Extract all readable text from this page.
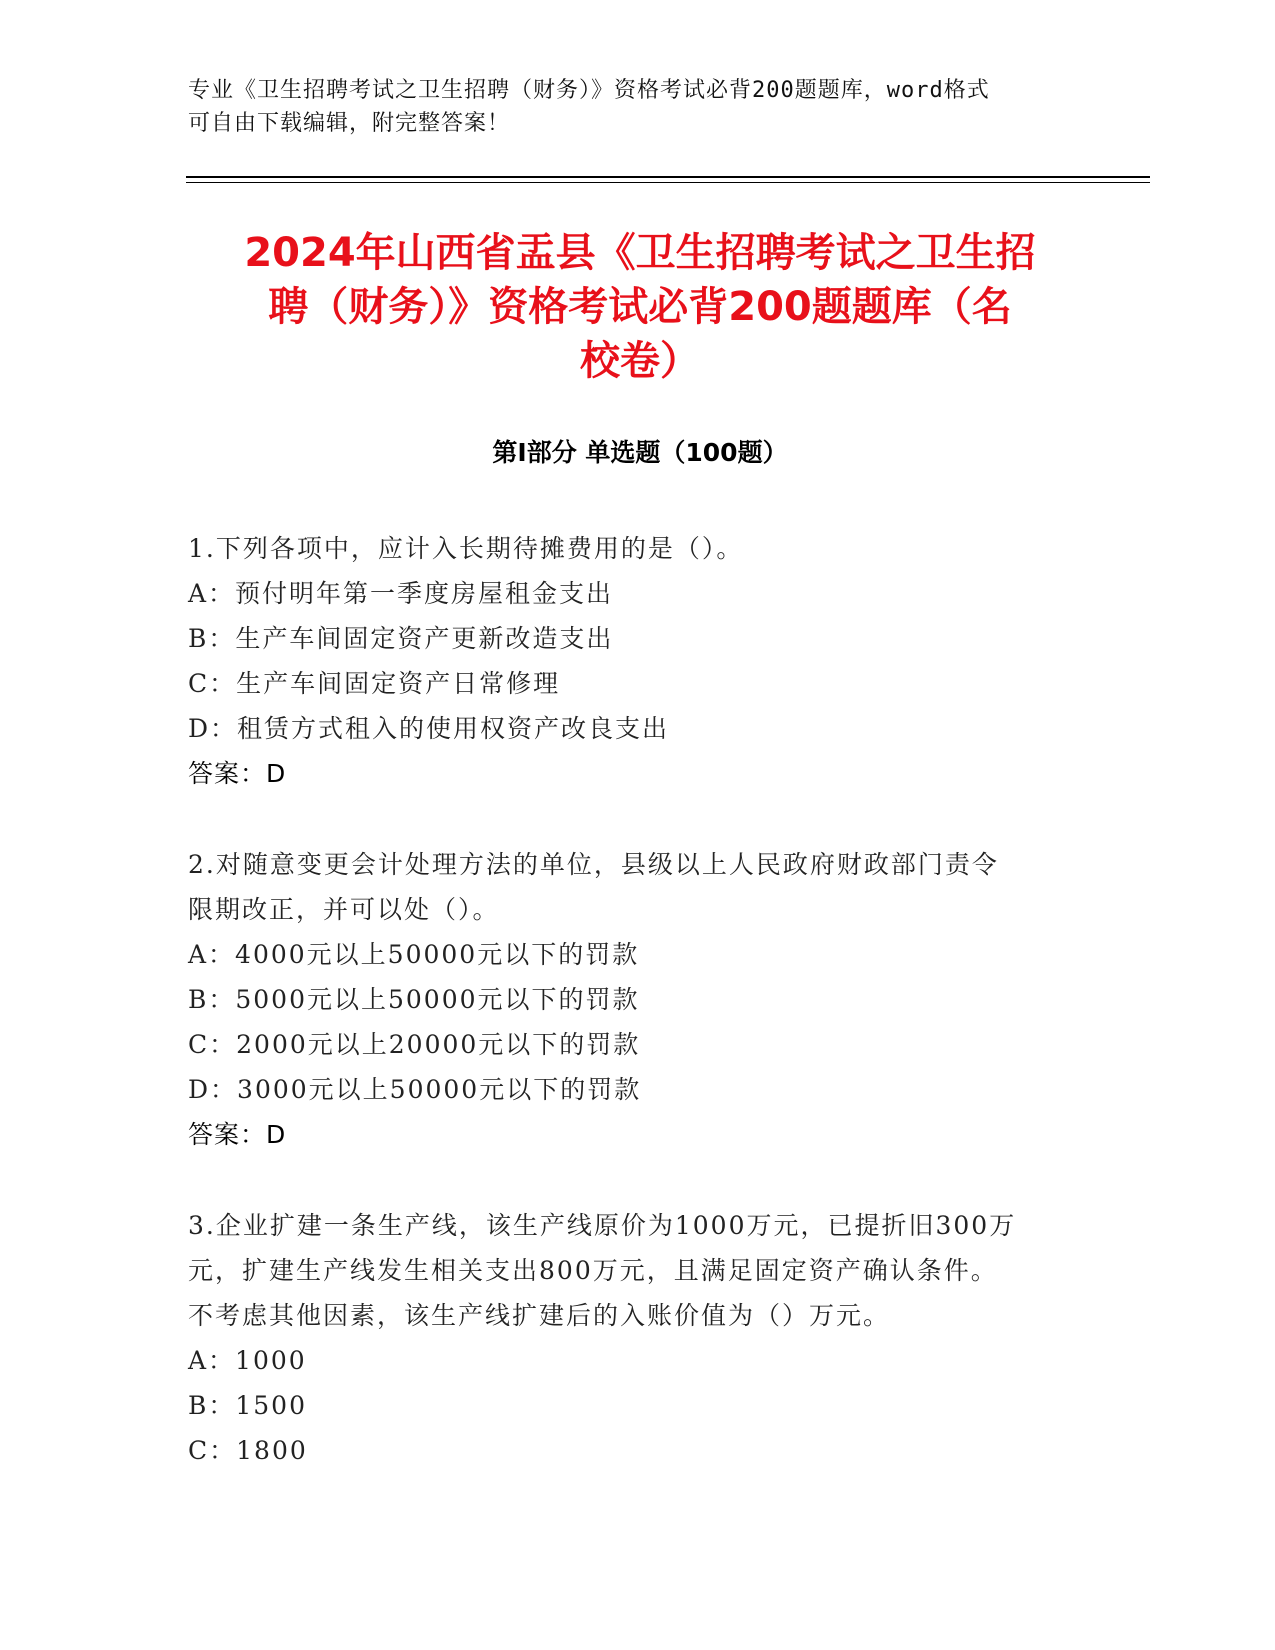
专业《卫生招聘考试之卫生招聘（财务）》资格考试必背200题题库，word格式
可自由下载编辑，附完整答案！
2024年山西省盂县《卫生招聘考试之卫生招
聘（财务）》资格考试必背200题题库（名
校卷）
第I部分 单选题（100题）

1.下列各项中，应计入长期待摊费用的是（）。

A：预付明年第一季度房屋租金支出

B：生产车间固定资产更新改造支出

C：生产车间固定资产日常修理

D：租赁方式租入的使用权资产改良支出

答案：D

2.对随意变更会计处理方法的单位，县级以上人民政府财政部门责令

限期改正，并可以处（）。

A：4000元以上50000元以下的罚款

B：5000元以上50000元以下的罚款

C：2000元以上20000元以下的罚款

D：3000元以上50000元以下的罚款

答案：D

3.企业扩建一条生产线，该生产线原价为1000万元，已提折旧300万

元，扩建生产线发生相关支出800万元，且满足固定资产确认条件。

不考虑其他因素，该生产线扩建后的入账价值为（）万元。

A：1000

B：1500

C：1800
